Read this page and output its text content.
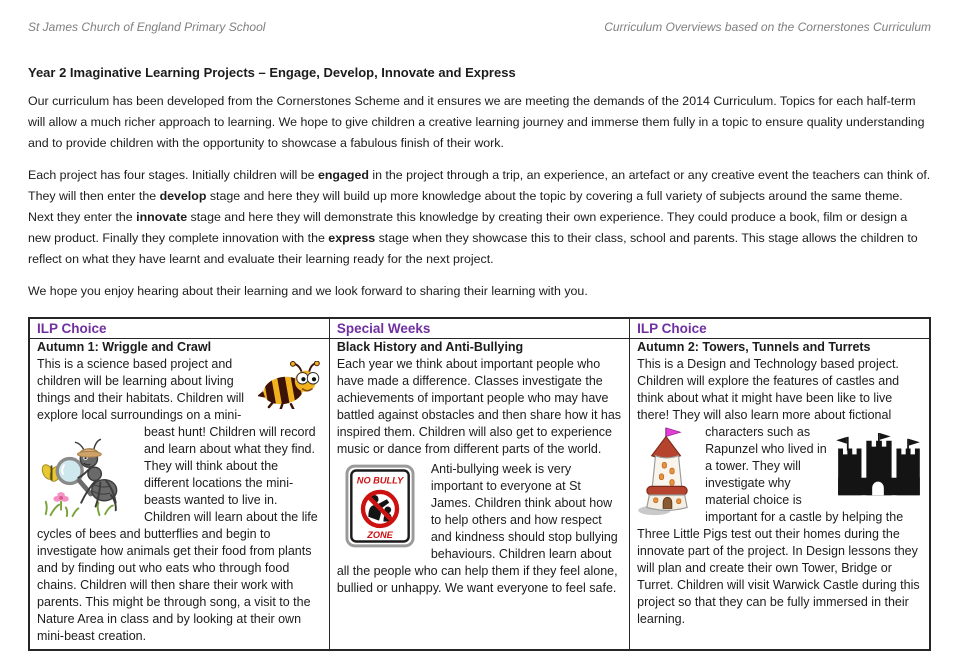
St James Church of England Primary School	Curriculum Overviews based on the Cornerstones Curriculum
Year 2 Imaginative Learning Projects – Engage, Develop, Innovate and Express

Our curriculum has been developed from the Cornerstones Scheme and it ensures we are meeting the demands of the 2014 Curriculum. Topics for each half-term will allow a much richer approach to learning. We hope to give children a creative learning journey and immerse them fully in a topic to ensure quality understanding and to provide children with the opportunity to showcase a fabulous finish of their work.

Each project has four stages. Initially children will be engaged in the project through a trip, an experience, an artefact or any creative event the teachers can think of. They will then enter the develop stage and here they will build up more knowledge about the topic by covering a full variety of subjects around the same theme. Next they enter the innovate stage and here they will demonstrate this knowledge by creating their own experience. They could produce a book, film or design a new product. Finally they complete innovation with the express stage when they showcase this to their class, school and parents. This stage allows the children to reflect on what they have learnt and evaluate their learning ready for the next project.

We hope you enjoy hearing about their learning and we look forward to sharing their learning with you.

ILP Choice	Special Weeks	ILP Choice

Autumn 1: Wriggle and Crawl
This is a science based project and children will be learning about living things and their habitats. Children will explore local surroundings on a mini-beast hunt! Children will record and learn about what they find. They will think about the different locations the mini-beasts wanted to live in. Children will learn about the life cycles of bees and butterflies and begin to investigate how animals get their food from plants and by finding out who eats who through food chains. Children will then share their work with parents. This might be through song, a visit to the Nature Area in class and by looking at their own mini-beast creation.

Black History and Anti-Bullying

Each year we think about important people who have made a difference. Classes investigate the achievements of important people who may have battled against obstacles and then share how it has inspired them. Children will also get to experience music or dance from different parts of the world.

NO BULLY
ZONE
Anti-bullying week is very important to everyone at St James. Children think about how to help others and how respect and kindness should stop bullying behaviours. Children learn about all the people who can help them if they feel alone, bullied or unhappy. We want everyone to feel safe.

Autumn 2: Towers, Tunnels and Turrets
This is a Design and Technology based project. Children will explore the features of castles and think about what it might have been like to live there! They will also learn more about fictional
characters such as Rapunzel who lived in a tower. They will investigate why material choice is important for a castle by helping the Three Little Pigs test out their homes during the innovate part of the project. In Design lessons they will plan and create their own Tower, Bridge or Turret. Children will visit Warwick Castle during this project so that they can be fully immersed in their learning.
